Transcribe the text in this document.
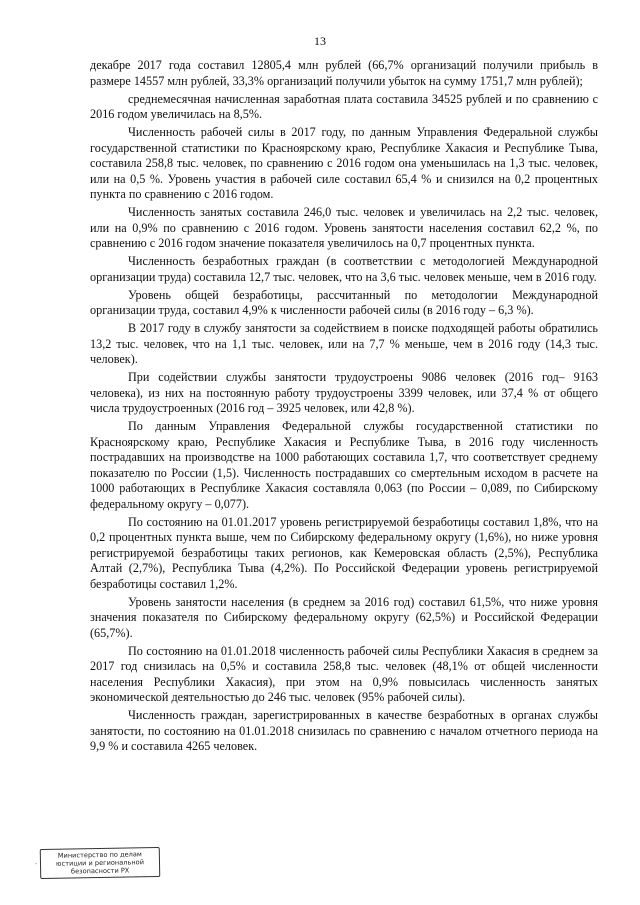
13

декабре 2017 года составил 12805,4 млн рублей (66,7% организаций получили прибыль в размере 14557 млн рублей, 33,3% организаций получили убыток на сумму 1751,7 млн рублей);

среднемесячная начисленная заработная плата составила 34525 рублей и по сравнению с 2016 годом увеличилась на 8,5%.

Численность рабочей силы в 2017 году, по данным Управления Федеральной службы государственной статистики по Красноярскому краю, Республике Хакасия и Республике Тыва, составила 258,8 тыс. человек, по сравнению с 2016 годом она уменьшилась на 1,3 тыс. человек, или на 0,5 %. Уровень участия в рабочей силе составил 65,4 % и снизился на 0,2 процентных пункта по сравнению с 2016 годом.

Численность занятых составила 246,0 тыс. человек и увеличилась на 2,2 тыс. человек, или на 0,9% по сравнению с 2016 годом. Уровень занятости населения составил 62,2 %, по сравнению с 2016 годом значение показателя увеличилось на 0,7 процентных пункта.

Численность безработных граждан (в соответствии с методологией Международной организации труда) составила 12,7 тыс. человек, что на 3,6 тыс. человек меньше, чем в 2016 году.

Уровень общей безработицы, рассчитанный по методологии Международной организации труда, составил 4,9% к численности рабочей силы (в 2016 году – 6,3 %).

В 2017 году в службу занятости за содействием в поиске подходящей работы обратились 13,2 тыс. человек, что на 1,1 тыс. человек, или на 7,7 % меньше, чем в 2016 году (14,3 тыс. человек).

При содействии службы занятости трудоустроены 9086 человек (2016 год– 9163 человека), из них на постоянную работу трудоустроены 3399 человек, или 37,4 % от общего числа трудоустроенных (2016 год – 3925 человек, или 42,8 %).

По данным Управления Федеральной службы государственной статистики по Красноярскому краю, Республике Хакасия и Республике Тыва, в 2016 году численность пострадавших на производстве на 1000 работающих составила 1,7, что соответствует среднему показателю по России (1,5). Численность пострадавших со смертельным исходом в расчете на 1000 работающих в Республике Хакасия составляла 0,063 (по России – 0,089, по Сибирскому федеральному округу – 0,077).

По состоянию на 01.01.2017 уровень регистрируемой безработицы составил 1,8%, что на 0,2 процентных пункта выше, чем по Сибирскому федеральному округу (1,6%), но ниже уровня регистрируемой безработицы таких регионов, как Кемеровская область (2,5%), Республика Алтай (2,7%), Республика Тыва (4,2%). По Российской Федерации уровень регистрируемой безработицы составил 1,2%.

Уровень занятости населения (в среднем за 2016 год) составил 61,5%, что ниже уровня значения показателя по Сибирскому федеральному округу (62,5%) и Российской Федерации (65,7%).

По состоянию на 01.01.2018 численность рабочей силы Республики Хакасия в среднем за 2017 год снизилась на 0,5% и составила 258,8 тыс. человек (48,1% от общей численности населения Республики Хакасия), при этом на 0,9% повысилась численность занятых экономической деятельностью до 246 тыс. человек (95% рабочей силы).

Численность граждан, зарегистрированных в качестве безработных в органах службы занятости, по состоянию на 01.01.2018 снизилась по сравнению с началом отчетного периода на 9,9 % и составила 4265 человек.

·
Министерство по делам
юстиции и региональной
безопасности РХ
